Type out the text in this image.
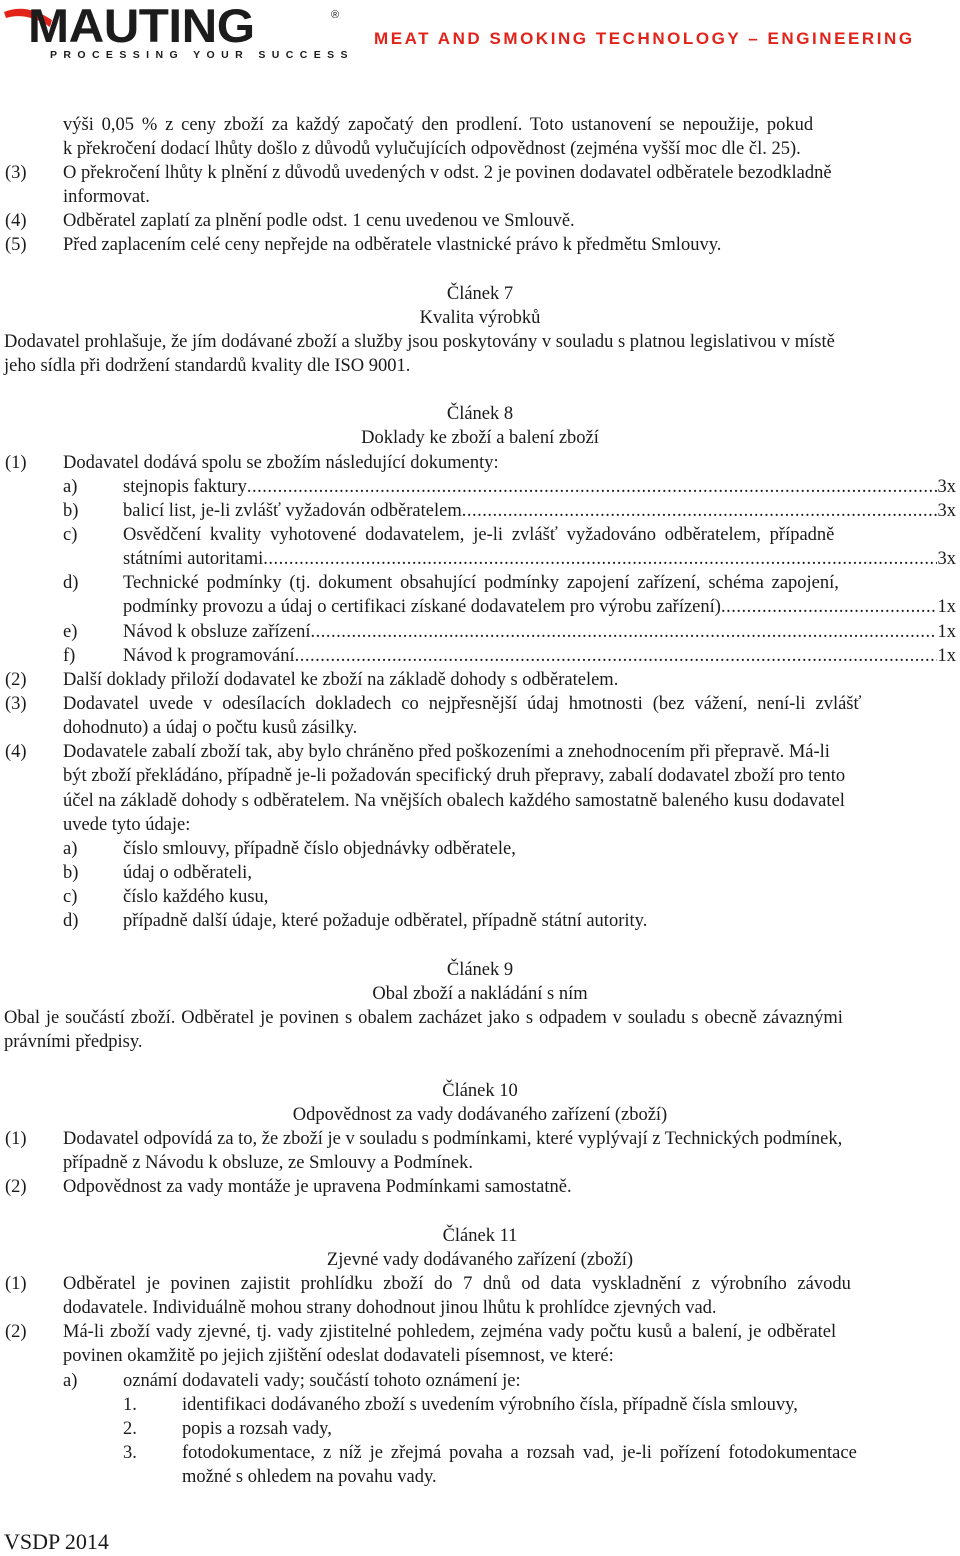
MAUTING	®
PROCESSING YOUR SUCCESS
MEAT AND SMOKING TECHNOLOGY – ENGINEERING
výši 0,05 % z ceny zboží za každý započatý den prodlení. Toto ustanovení se nepoužije, pokud
k překročení dodací lhůty došlo z důvodů vylučujících odpovědnost (zejména vyšší moc dle čl. 25).
(3) O překročení lhůty k plnění z důvodů uvedených v odst. 2 je povinen dodavatel odběratele bezodkladně
informovat.
(4) Odběratel zaplatí za plnění podle odst. 1 cenu uvedenou ve Smlouvě.
(5) Před zaplacením celé ceny nepřejde na odběratele vlastnické právo k předmětu Smlouvy.
Článek 7
Kvalita výrobků
Dodavatel prohlašuje, že jím dodávané zboží a služby jsou poskytovány v souladu s platnou legislativou v místě
jeho sídla při dodržení standardů kvality dle ISO 9001.
Článek 8
Doklady ke zboží a balení zboží
(1) Dodavatel dodává spolu se zbožím následující dokumenty:
a) stejnopis faktury .....	3x
b) balicí list, je-li zvlášť vyžadován odběratelem .....	3x
c) Osvědčení kvality vyhotovené dodavatelem, je-li zvlášť vyžadováno odběratelem, případně
státními autoritami .....	3x
d) Technické podmínky (tj. dokument obsahující podmínky zapojení zařízení, schéma zapojení,
podmínky provozu a údaj o certifikaci získané dodavatelem pro výrobu zařízení) .....	1x
e) Návod k obsluze zařízení .....	1x
f)	Návod k programování .....	1x
(2) Další doklady přiloží dodavatel ke zboží na základě dohody s odběratelem.
(3) Dodavatel uvede v odesílacích dokladech co nejpřesnější údaj hmotnosti (bez vážení, není-li zvlášť
dohodnuto) a údaj o počtu kusů zásilky.
(4) Dodavatele zabalí zboží tak, aby bylo chráněno před poškozeními a znehodnocením při přepravě. Má-li
být zboží překládáno, případně je-li požadován specifický druh přepravy, zabalí dodavatel zboží pro tento
účel na základě dohody s odběratelem. Na vnějších obalech každého samostatně baleného kusu dodavatel
uvede tyto údaje:
a) číslo smlouvy, případně číslo objednávky odběratele,
b) údaj o odběrateli,
c) číslo každého kusu,
d) případně další údaje, které požaduje odběratel, případně státní autority.
Článek 9
Obal zboží a nakládání s ním
Obal je součástí zboží. Odběratel je povinen s obalem zacházet jako s odpadem v souladu s obecně závaznými
právními předpisy.
Článek 10
Odpovědnost za vady dodávaného zařízení (zboží)
(1) Dodavatel odpovídá za to, že zboží je v souladu s podmínkami, které vyplývají z Technických podmínek,
případně z Návodu k obsluze, ze Smlouvy a Podmínek.
(2) Odpovědnost za vady montáže je upravena Podmínkami samostatně.
Článek 11
Zjevné vady dodávaného zařízení (zboží)
(1) Odběratel je povinen zajistit prohlídku zboží do 7 dnů od data vyskladnění z výrobního závodu
dodavatele. Individuálně mohou strany dohodnout jinou lhůtu k prohlídce zjevných vad.
(2) Má-li zboží vady zjevné, tj. vady zjistitelné pohledem, zejména vady počtu kusů a balení, je odběratel
povinen okamžitě po jejich zjištění odeslat dodavateli písemnost, ve které:
a) oznámí dodavateli vady; součástí tohoto oznámení je:
1. identifikaci dodávaného zboží s uvedením výrobního čísla, případně čísla smlouvy,
2. popis a rozsah vady,
3. fotodokumentace, z níž je zřejmá povaha a rozsah vad, je-li pořízení fotodokumentace
možné s ohledem na povahu vady.
VSDP 2014
